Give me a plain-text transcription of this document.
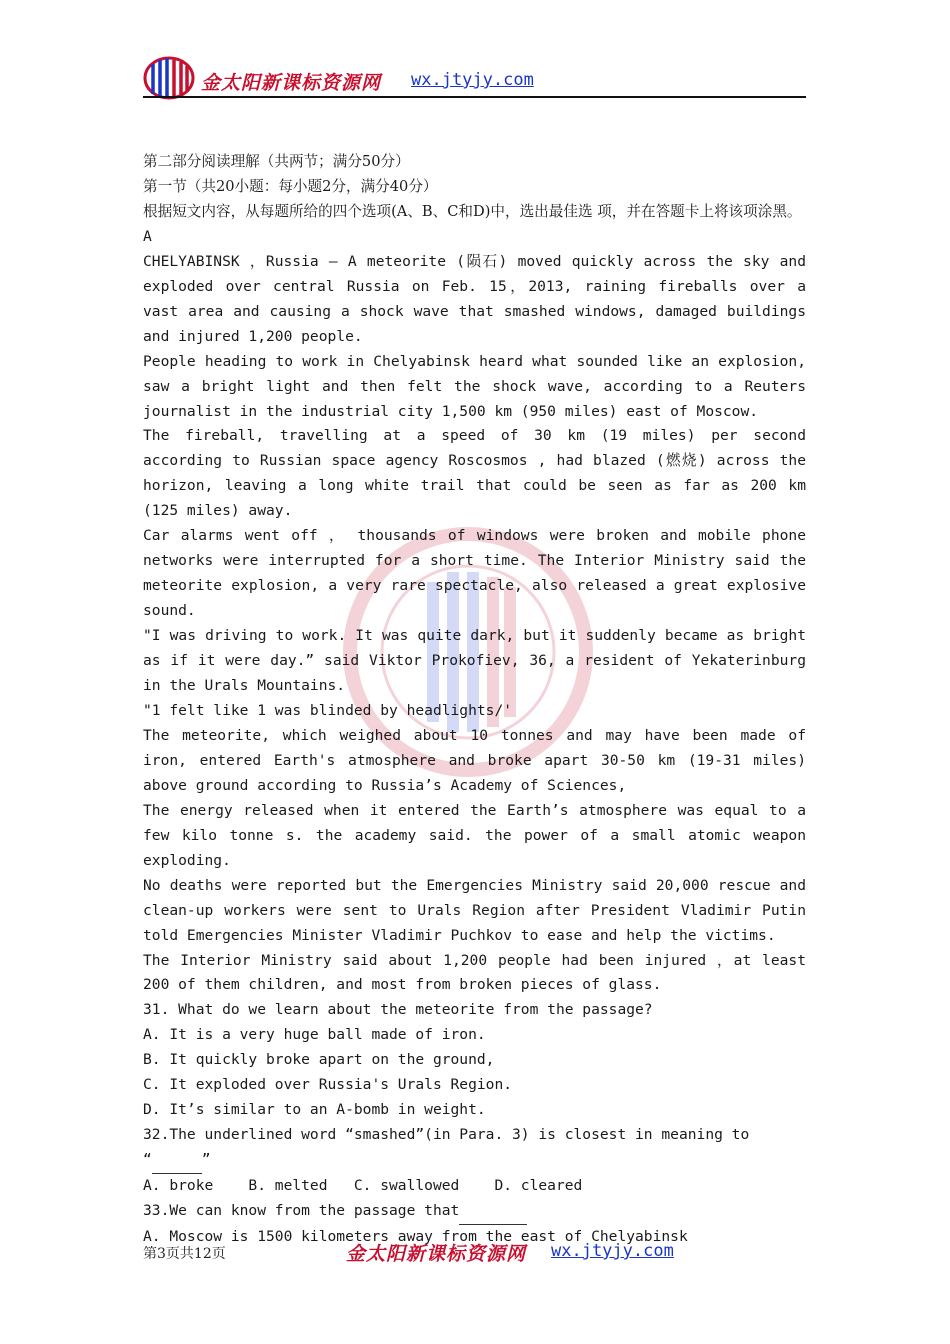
金太阳新课标资源网 wx.jtyjy.com

第二部分阅读理解（共两节；满分50分）

第一节（共20小题：每小题2分，满分40分）

根据短文内容，从每题所给的四个选项(A、B、C和D)中，选出最佳选 项，并在答题卡上将该项涂黑。

A

CHELYABINSK ，Russia — A meteorite (陨石) moved quickly across the sky and exploded over central Russia on Feb. 15，2013, raining fireballs over a vast area and causing a shock wave that smashed windows, damaged buildings and injured 1,200 people.

People heading to work in Chelyabinsk heard what sounded like an explosion, saw a bright light and then felt the shock wave, according to a Reuters journalist in the industrial city 1,500 km (950 miles) east of Moscow.

The fireball, travelling at a speed of 30 km (19 miles) per second according to Russian space agency Roscosmos , had blazed (燃烧) across the horizon, leaving a long white trail that could be seen as far as 200 km (125 miles) away.

Car alarms went off ， thousands of windows were broken and mobile phone networks were interrupted for a short time. The Interior Ministry said the meteorite explosion, a very rare spectacle, also released a great explosive sound.

"I was driving to work. It was quite dark, but it suddenly became as bright as if it were day.” said Viktor Prokofiev, 36, a resident of Yekaterinburg in the Urals Mountains.

"1 felt like 1 was blinded by headlights/'

The meteorite, which weighed about 10 tonnes and may have been made of iron, entered Earth's atmosphere and broke apart 30-50 km (19-31 miles) above ground according to Russia’s Academy of Sciences,

The energy released when it entered the Earth’s atmosphere was equal to a few kilo tonne s. the academy said. the power of a small atomic weapon exploding.

No deaths were reported but the Emergencies Ministry said 20,000 rescue and clean-up workers were sent to Urals Region after President Vladimir Putin told Emergencies Minister Vladimir Puchkov to ease and help the victims.

The Interior Ministry said about 1,200 people had been injured ，at least 200 of them children, and most from broken pieces of glass.

31. What do we learn about the meteorite from the passage?

A. It is a very huge ball made of iron.

B. It quickly broke apart on the ground,

C. It exploded over Russia's Urals Region.

D. It’s similar to an A-bomb in weight.

32.The underlined word “smashed”(in Para. 3) is closest in meaning to

“	”

A. broke    B. melted   C. swallowed    D. cleared

33.We can know from the passage that

A. Moscow is 1500 kilometers away from the east of Chelyabinsk

第3页共12页	金太阳新课标资源网 wx.jtyjy.com
